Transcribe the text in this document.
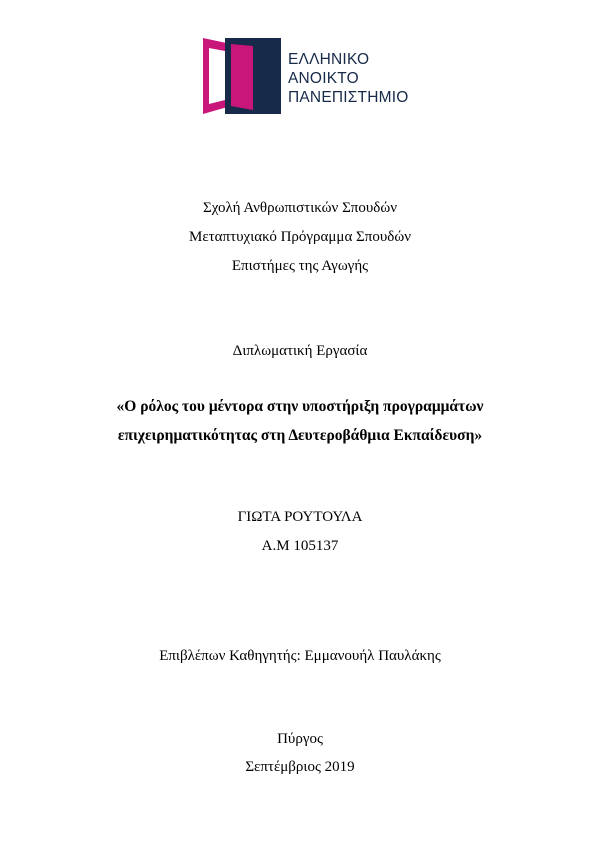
ΕΛΛΗΝΙΚΟ
ΑΝΟΙΚΤΟ
ΠΑΝΕΠΙΣΤΗΜΙΟ
Σχολή Ανθρωπιστικών Σπουδών
Μεταπτυχιακό Πρόγραμμα Σπουδών
Επιστήμες της Αγωγής
Διπλωματική Εργασία
«Ο ρόλος του μέντορα στην υποστήριξη προγραμμάτων
επιχειρηματικότητας στη Δευτεροβάθμια Εκπαίδευση»
ΓΙΩΤΑ ΡΟΥΤΟΥΛΑ
Α.Μ 105137
Επιβλέπων Καθηγητής: Εμμανουήλ Παυλάκης
Πύργος
Σεπτέμβριος 2019
